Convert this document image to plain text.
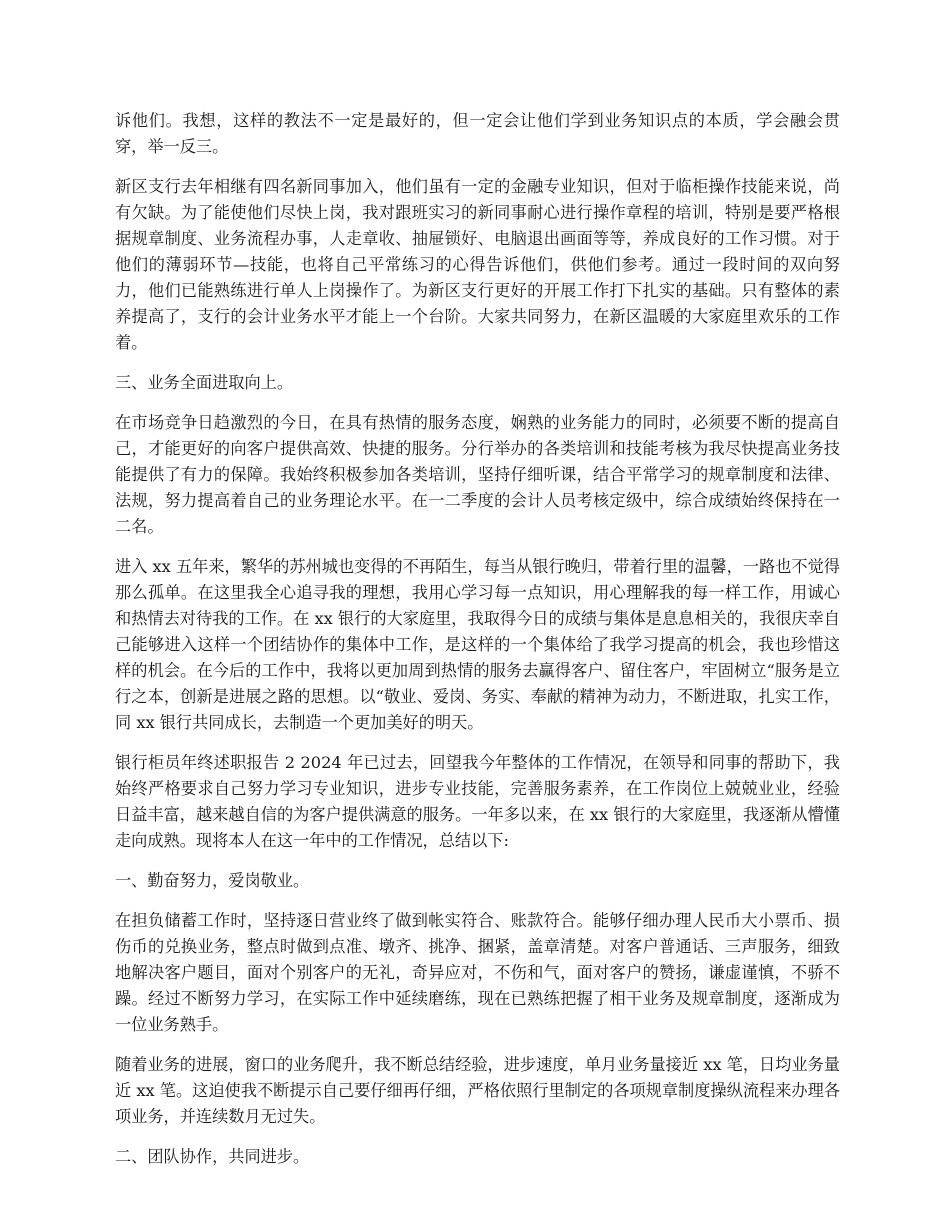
诉他们。我想，这样的教法不一定是最好的，但一定会让他们学到业务知识点的本质，学会融会贯穿，举一反三。

新区支行去年相继有四名新同事加入，他们虽有一定的金融专业知识，但对于临柜操作技能来说，尚有欠缺。为了能使他们尽快上岗，我对跟班实习的新同事耐心进行操作章程的培训，特别是要严格根据规章制度、业务流程办事，人走章收、抽屉锁好、电脑退出画面等等，养成良好的工作习惯。对于他们的薄弱环节—技能，也将自己平常练习的心得告诉他们，供他们参考。通过一段时间的双向努力，他们已能熟练进行单人上岗操作了。为新区支行更好的开展工作打下扎实的基础。只有整体的素养提高了，支行的会计业务水平才能上一个台阶。大家共同努力，在新区温暖的大家庭里欢乐的工作着。

三、业务全面进取向上。

在市场竞争日趋激烈的今日，在具有热情的服务态度，娴熟的业务能力的同时，必须要不断的提高自己，才能更好的向客户提供高效、快捷的服务。分行举办的各类培训和技能考核为我尽快提高业务技能提供了有力的保障。我始终积极参加各类培训，坚持仔细听课，结合平常学习的规章制度和法律、法规，努力提高着自己的业务理论水平。在一二季度的会计人员考核定级中，综合成绩始终保持在一二名。

进入 xx 五年来，繁华的苏州城也变得的不再陌生，每当从银行晚归，带着行里的温馨，一路也不觉得那么孤单。在这里我全心追寻我的理想，我用心学习每一点知识，用心理解我的每一样工作，用诚心和热情去对待我的工作。在 xx 银行的大家庭里，我取得今日的成绩与集体是息息相关的，我很庆幸自己能够进入这样一个团结协作的集体中工作，是这样的一个集体给了我学习提高的机会，我也珍惜这样的机会。在今后的工作中，我将以更加周到热情的服务去赢得客户、留住客户，牢固树立“服务是立行之本，创新是进展之路的思想。以“敬业、爱岗、务实、奉献的精神为动力，不断进取，扎实工作，同 xx 银行共同成长，去制造一个更加美好的明天。

银行柜员年终述职报告 2 2024 年已过去，回望我今年整体的工作情况，在领导和同事的帮助下，我始终严格要求自己努力学习专业知识，进步专业技能，完善服务素养，在工作岗位上兢兢业业，经验日益丰富，越来越自信的为客户提供满意的服务。一年多以来，在 xx 银行的大家庭里，我逐渐从懵懂走向成熟。现将本人在这一年中的工作情况，总结以下:

一、勤奋努力，爱岗敬业。

在担负储蓄工作时，坚持逐日营业终了做到帐实符合、账款符合。能够仔细办理人民币大小票币、损伤币的兑换业务，整点时做到点准、墩齐、挑净、捆紧，盖章清楚。对客户普通话、三声服务，细致地解决客户题目，面对个别客户的无礼，奇异应对，不伤和气，面对客户的赞扬，谦虚谨慎，不骄不躁。经过不断努力学习，在实际工作中延续磨练，现在已熟练把握了相干业务及规章制度，逐渐成为一位业务熟手。

随着业务的进展，窗口的业务爬升，我不断总结经验，进步速度，单月业务量接近 xx 笔，日均业务量近 xx 笔。这迫使我不断提示自己要仔细再仔细，严格依照行里制定的各项规章制度操纵流程来办理各项业务，并连续数月无过失。

二、团队协作，共同进步。
